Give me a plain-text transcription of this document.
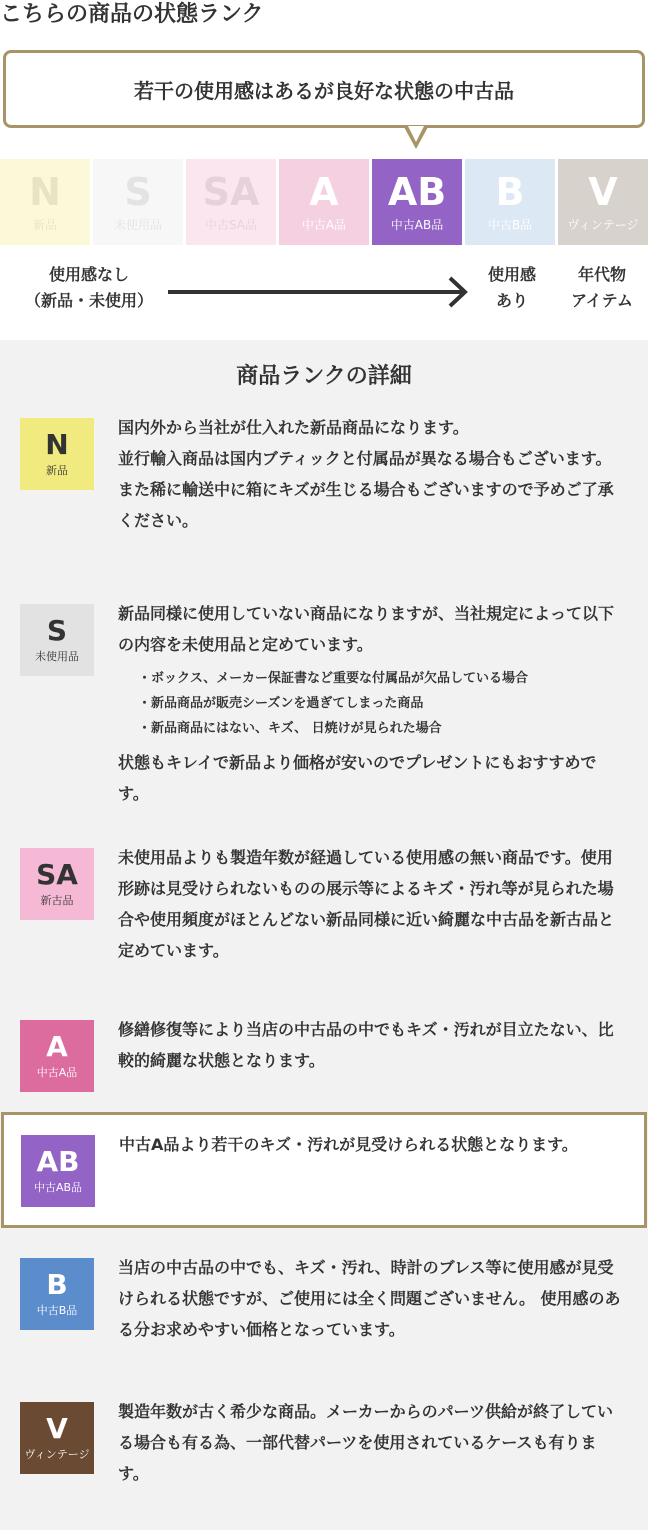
こちらの商品の状態ランク
若干の使用感はあるが良好な状態の中古品
N
新品
S
未使用品
SA
中古SA品
A
中古A品
AB
中古AB品
B
中古B品
V
ヴィンテージ
使用感なし
（新品・未使用）
使用感
あり
年代物
アイテム
商品ランクの詳細
N
新品

国内外から当社が仕入れた新品商品になります。
並行輸入商品は国内ブティックと付属品が異なる場合もございます。
また稀に輸送中に箱にキズが生じる場合もございますので予めご了承ください。

S
未使用品

新品同様に使用していない商品になりますが、当社規定によって以下の内容を未使用品と定めています。

・ボックス、メーカー保証書など重要な付属品が欠品している場合
・新品商品が販売シーズンを過ぎてしまった商品
・新品商品にはない、キズ、 日焼けが見られた場合

状態もキレイで新品より価格が安いのでプレゼントにもおすすめです。

SA
新古品

未使用品よりも製造年数が経過している使用感の無い商品です。使用形跡は見受けられないものの展示等によるキズ・汚れ等が見られた場合や使用頻度がほとんどない新品同様に近い綺麗な中古品を新古品と定めています。

A
中古A品

修繕修復等により当店の中古品の中でもキズ・汚れが目立たない、比較的綺麗な状態となります。

AB
中古AB品

中古A品より若干のキズ・汚れが見受けられる状態となります。

B
中古B品

当店の中古品の中でも、キズ・汚れ、時計のブレス等に使用感が見受けられる状態ですが、ご使用には全く問題ございません。 使用感のある分お求めやすい価格となっています。

V
ヴィンテージ

製造年数が古く希少な商品。メーカーからのパーツ供給が終了している場合も有る為、一部代替パーツを使用されているケースも有ります。
